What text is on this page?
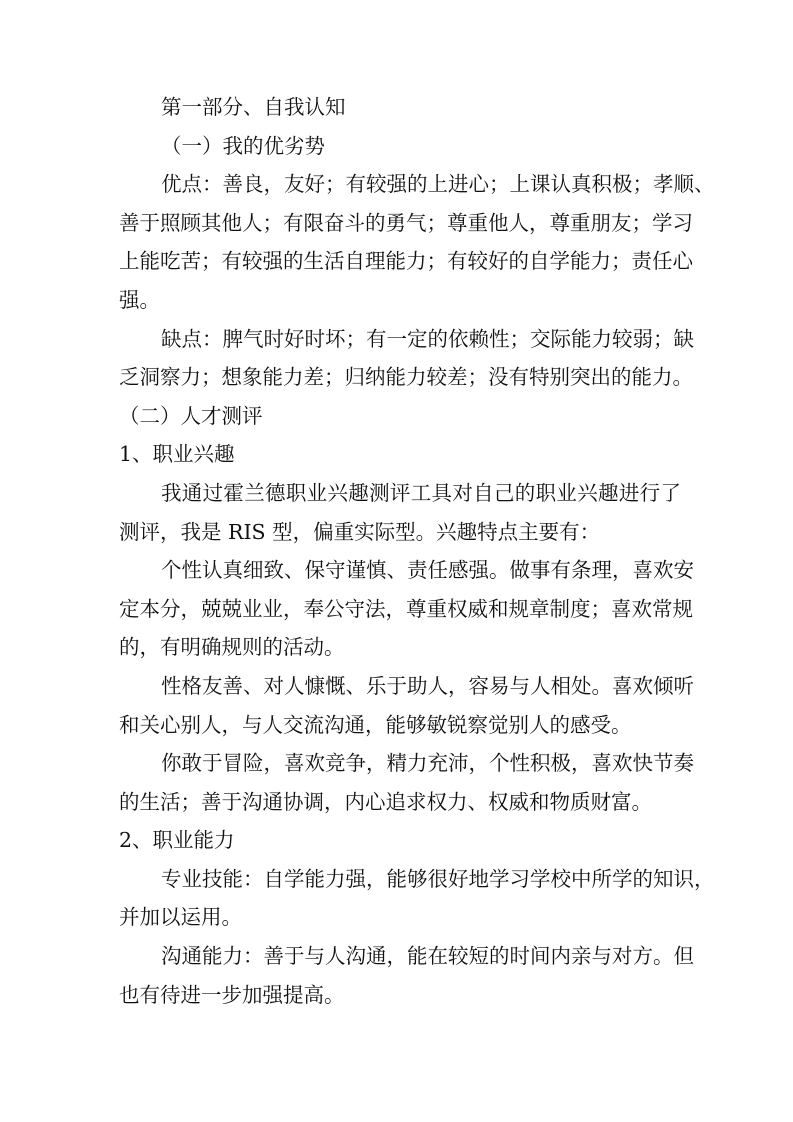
第一部分、自我认知
（一）我的优劣势
优点：善良，友好；有较强的上进心；上课认真积极；孝顺、
善于照顾其他人；有限奋斗的勇气；尊重他人，尊重朋友；学习
上能吃苦；有较强的生活自理能力；有较好的自学能力；责任心
强。
缺点：脾气时好时坏；有一定的依赖性；交际能力较弱；缺
乏洞察力；想象能力差；归纳能力较差；没有特别突出的能力。
（二）人才测评
1、职业兴趣
我通过霍兰德职业兴趣测评工具对自己的职业兴趣进行了
测评，我是 RIS 型，偏重实际型。兴趣特点主要有：
个性认真细致、保守谨慎、责任感强。做事有条理，喜欢安
定本分，兢兢业业，奉公守法，尊重权威和规章制度；喜欢常规
的，有明确规则的活动。
性格友善、对人慷慨、乐于助人，容易与人相处。喜欢倾听
和关心别人，与人交流沟通，能够敏锐察觉别人的感受。
你敢于冒险，喜欢竞争，精力充沛，个性积极，喜欢快节奏
的生活；善于沟通协调，内心追求权力、权威和物质财富。
2、职业能力
专业技能：自学能力强，能够很好地学习学校中所学的知识，
并加以运用。
沟通能力：善于与人沟通，能在较短的时间内亲与对方。但
也有待进一步加强提高。
